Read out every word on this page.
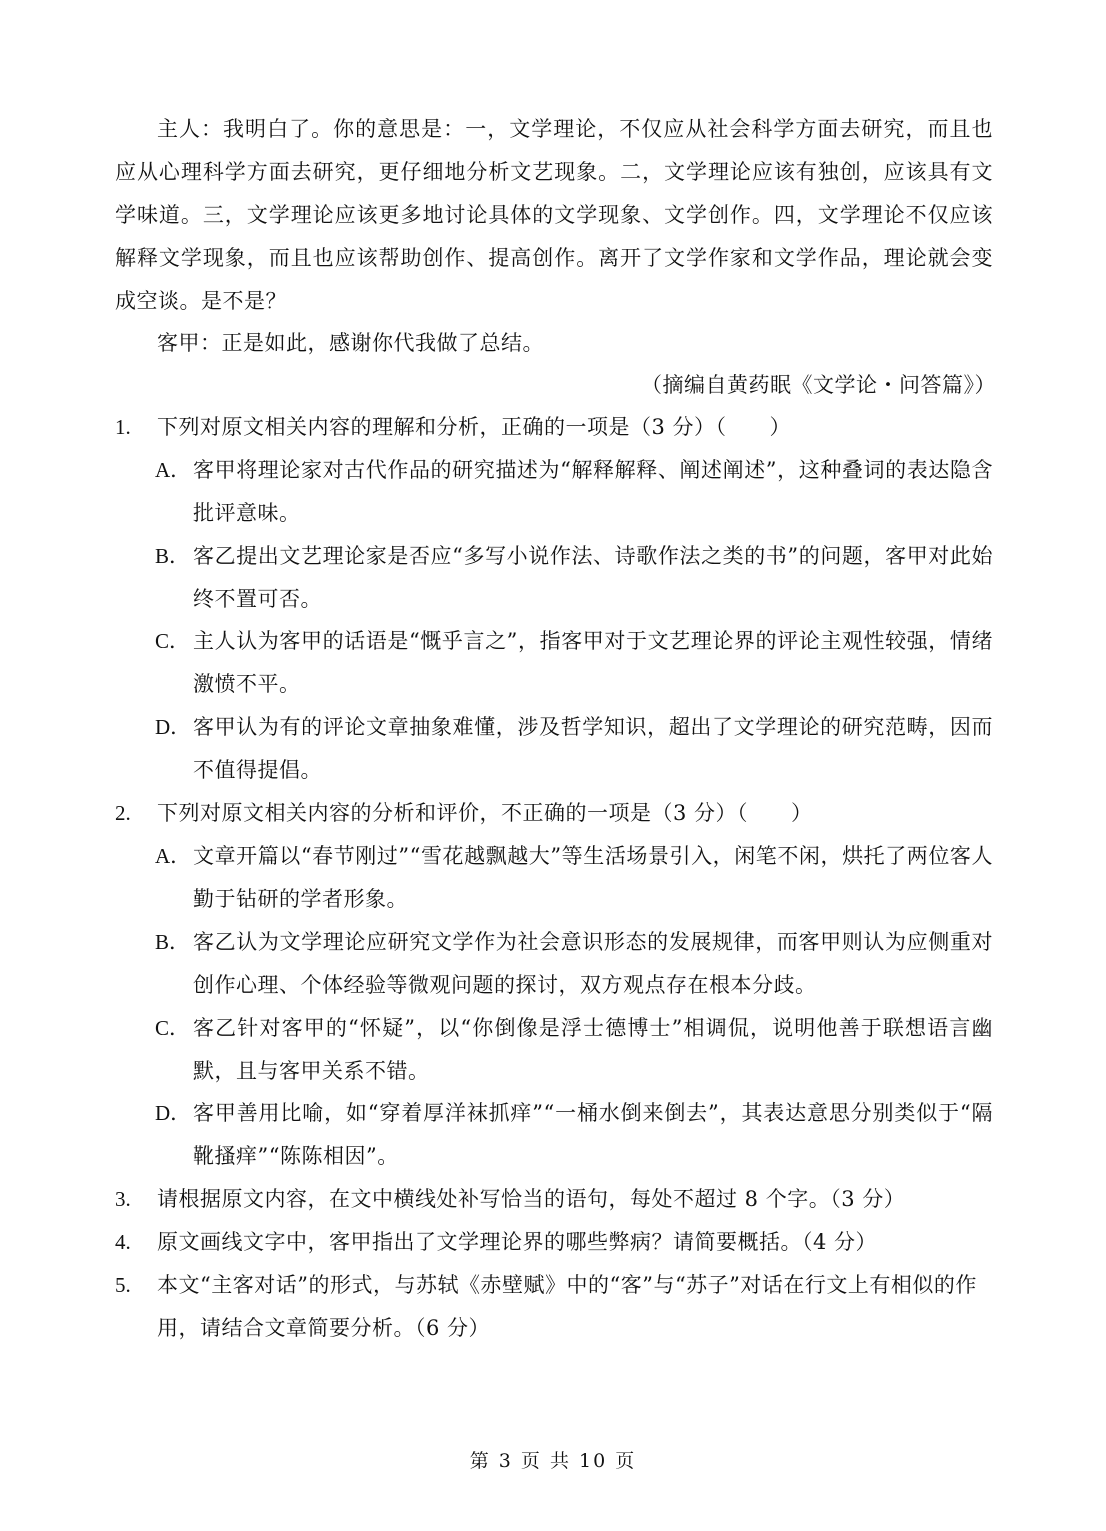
主人：我明白了。你的意思是：一，文学理论，不仅应从社会科学方面去研究，而且也应从心理科学方面去研究，更仔细地分析文艺现象。二，文学理论应该有独创，应该具有文学味道。三，文学理论应该更多地讨论具体的文学现象、文学创作。四，文学理论不仅应该解释文学现象，而且也应该帮助创作、提高创作。离开了文学作家和文学作品，理论就会变成空谈。是不是？
客甲：正是如此，感谢你代我做了总结。
（摘编自黄药眠《文学论・问答篇》）
1.	下列对原文相关内容的理解和分析，正确的一项是（3 分）（　　）
A． 客甲将理论家对古代作品的研究描述为“解释解释、阐述阐述”，这种叠词的表达隐含批评意味。
B． 客乙提出文艺理论家是否应“多写小说作法、诗歌作法之类的书”的问题，客甲对此始终不置可否。
C． 主人认为客甲的话语是“慨乎言之”，指客甲对于文艺理论界的评论主观性较强，情绪激愤不平。
D． 客甲认为有的评论文章抽象难懂，涉及哲学知识，超出了文学理论的研究范畴，因而不值得提倡。
2.	下列对原文相关内容的分析和评价，不正确的一项是（3 分）（　　）
A． 文章开篇以“春节刚过”“雪花越飘越大”等生活场景引入，闲笔不闲，烘托了两位客人勤于钻研的学者形象。
B． 客乙认为文学理论应研究文学作为社会意识形态的发展规律，而客甲则认为应侧重对创作心理、个体经验等微观问题的探讨，双方观点存在根本分歧。
C． 客乙针对客甲的“怀疑”，以“你倒像是浮士德博士”相调侃，说明他善于联想语言幽默，且与客甲关系不错。
D． 客甲善用比喻，如“穿着厚洋袜抓痒”“一桶水倒来倒去”，其表达意思分别类似于“隔靴搔痒”“陈陈相因”。
3.	请根据原文内容，在文中横线处补写恰当的语句，每处不超过 8 个字。（3 分）
4.	原文画线文字中，客甲指出了文学理论界的哪些弊病？请简要概括。（4 分）
5.	本文“主客对话”的形式，与苏轼《赤壁赋》中的“客”与“苏子”对话在行文上有相似的作用，请结合文章简要分析。（6 分）
第 3 页 共 10 页
